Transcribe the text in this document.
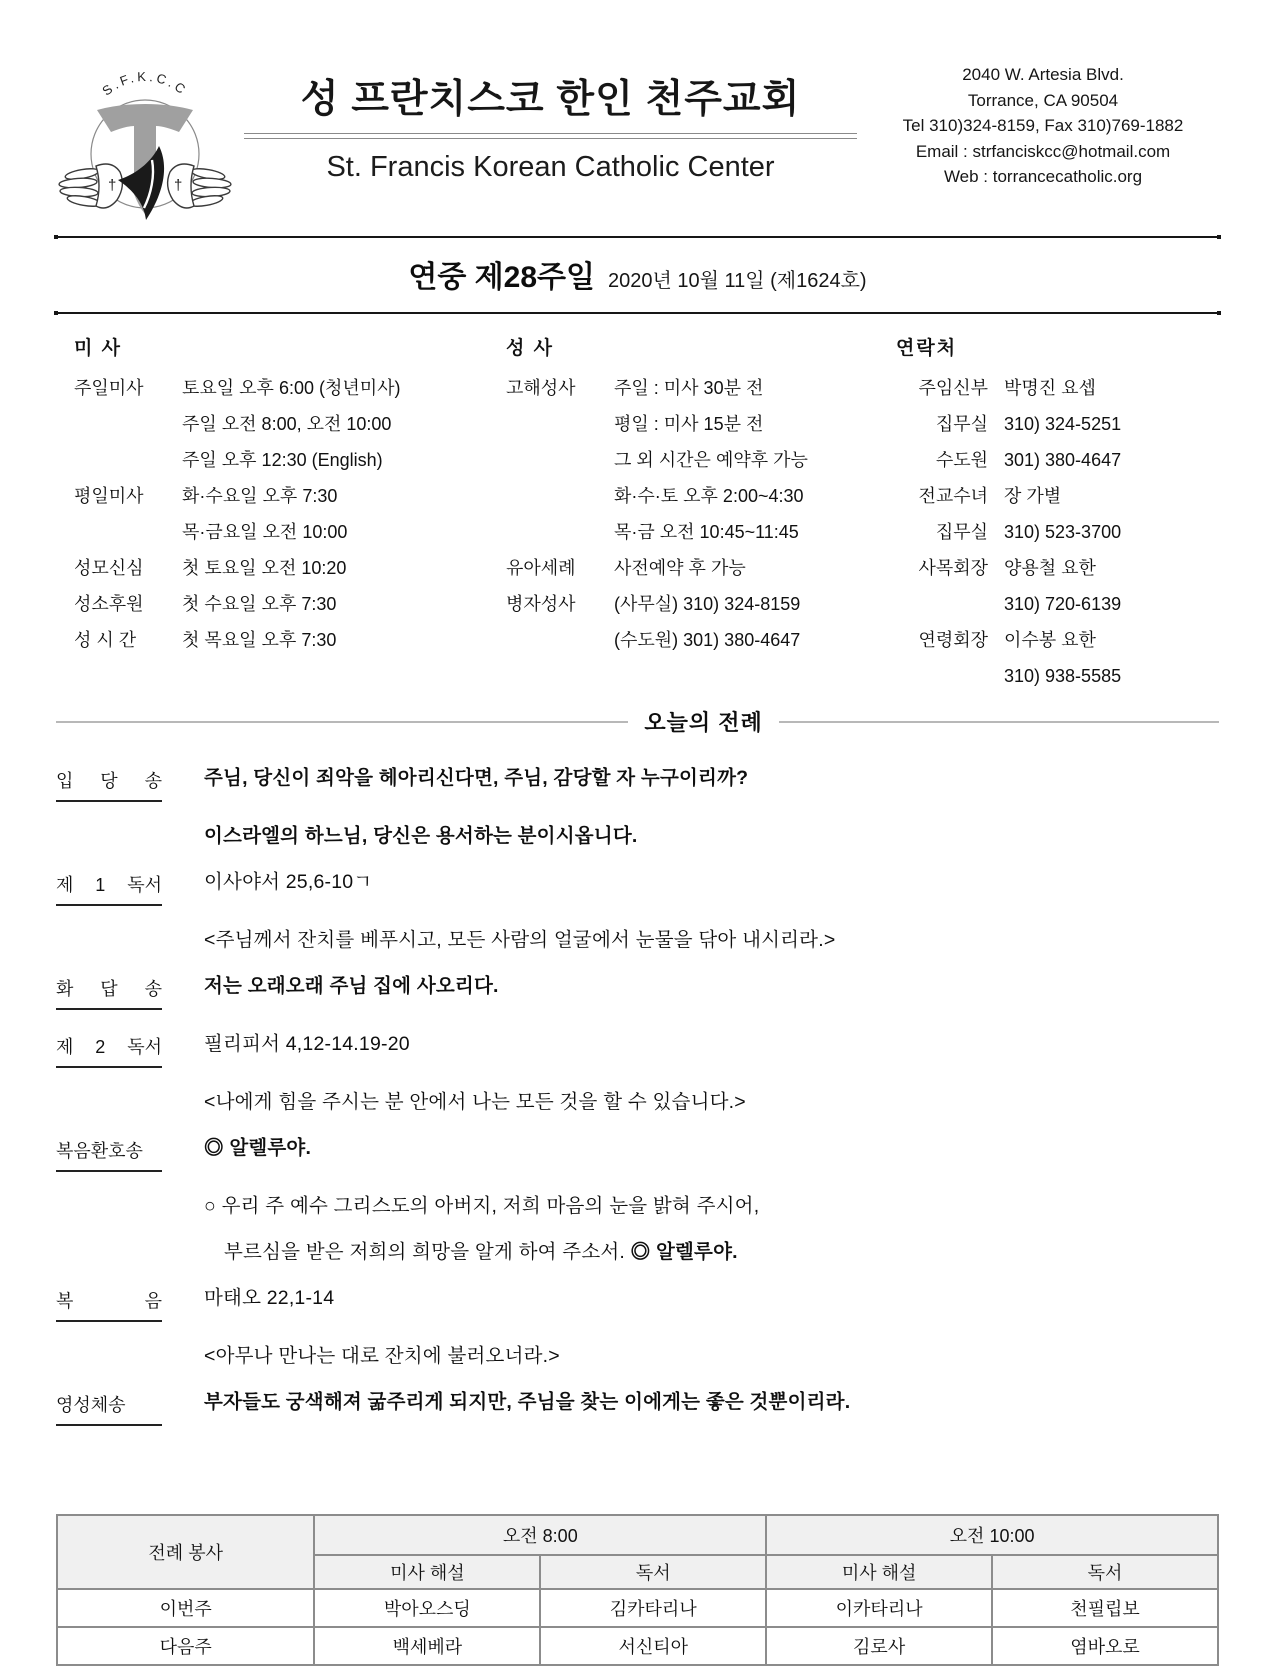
S.F.K.C.C
†	†
성 프란치스코 한인 천주교회
St. Francis Korean Catholic Center
2040 W. Artesia Blvd.
Torrance, CA 90504
Tel 310)324-8159, Fax 310)769-1882
Email : strfanciskcc@hotmail.com
Web : torrancecatholic.org
연중 제28주일 2020년 10월 11일 (제1624호)
미 사
주일미사	토요일 오후 6:00 (청년미사)
주일 오전 8:00, 오전 10:00
주일 오후 12:30 (English)
평일미사	화·수요일 오후 7:30
목·금요일 오전 10:00
성모신심	첫 토요일 오전 10:20
성소후원	첫 수요일 오후 7:30
성 시 간	첫 목요일 오후 7:30
성 사
고해성사	주일 : 미사 30분 전
평일 : 미사 15분 전
그 외 시간은 예약후 가능
화·수·토 오후 2:00~4:30
목·금 오전 10:45~11:45
유아세례	사전예약 후 가능
병자성사	(사무실) 310) 324-8159
(수도원) 301) 380-4647
연락처
주임신부 박명진 요셉
집무실 310) 324-5251
수도원 301) 380-4647
전교수녀 장 가별
집무실 310) 523-3700
사목회장 양용철 요한
310) 720-6139
연령회장 이수봉 요한
310) 938-5585
오늘의 전례
입 당 송	주님, 당신이 죄악을 헤아리신다면, 주님, 감당할 자 누구이리까?
이스라엘의 하느님, 당신은 용서하는 분이시옵니다.
제 1 독서	이사야서 25,6-10ㄱ
<주님께서 잔치를 베푸시고, 모든 사람의 얼굴에서 눈물을 닦아 내시리라.>
화 답 송	저는 오래오래 주님 집에 사오리다.
제 2 독서	필리피서 4,12-14.19-20
<나에게 힘을 주시는 분 안에서 나는 모든 것을 할 수 있습니다.>
복음환호송	◎ 알렐루야.
○ 우리 주 예수 그리스도의 아버지, 저희 마음의 눈을 밝혀 주시어,
부르심을 받은 저희의 희망을 알게 하여 주소서. ◎ 알렐루야.
복 음	마태오 22,1-14
<아무나 만나는 대로 잔치에 불러오너라.>
영성체송	부자들도 궁색해져 굶주리게 되지만, 주님을 찾는 이에게는 좋은 것뿐이리라.
전례 봉사	오전 8:00		오전 10:00	
	미사 해설	독서	미사 해설	독서
이번주	박아오스딩	김카타리나	이카타리나	천필립보
다음주	백세베라	서신티아	김로사	염바오로
